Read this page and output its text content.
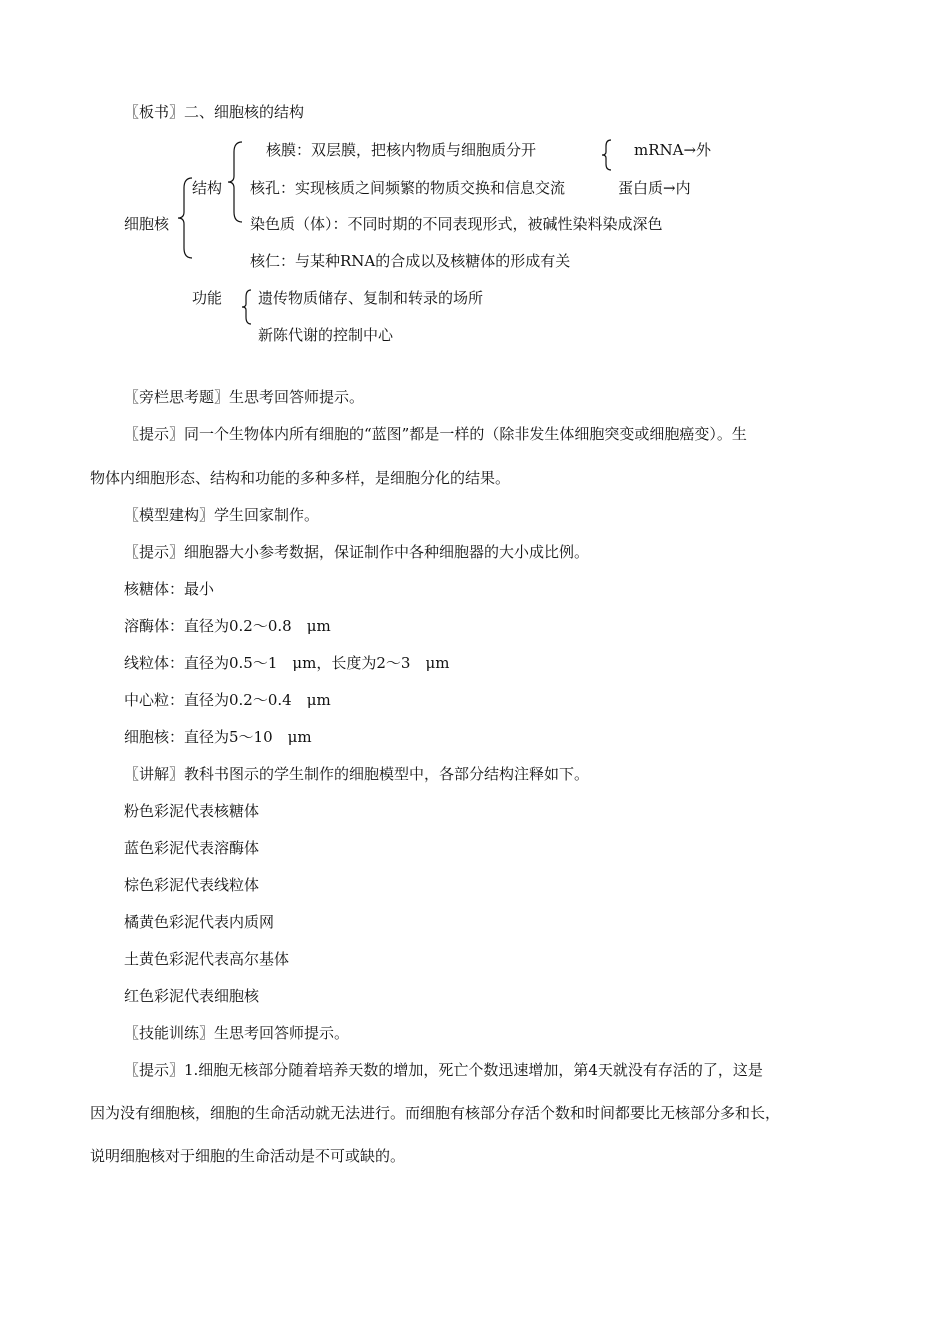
〖板书〗二、细胞核的结构
细胞核
结构
核膜：双层膜，把核内物质与细胞质分开
核孔：实现核质之间频繁的物质交换和信息交流
染色质（体）：不同时期的不同表现形式，被碱性染料染成深色
核仁：与某种RNA的合成以及核糖体的形成有关
mRNA→外
蛋白质→内
功能 遗传物质储存、复制和转录的场所
新陈代谢的控制中心
〖旁栏思考题〗生思考回答师提示。
〖提示〗同一个生物体内所有细胞的“蓝图”都是一样的（除非发生体细胞突变或细胞癌变）。生
物体内细胞形态、结构和功能的多种多样，是细胞分化的结果。
〖模型建构〗学生回家制作。
〖提示〗细胞器大小参考数据，保证制作中各种细胞器的大小成比例。
核糖体：最小
溶酶体：直径为0.2～0.8　μm
线粒体：直径为0.5～1　μm，长度为2～3　μm
中心粒：直径为0.2～0.4　μm
细胞核：直径为5～10　μm
〖讲解〗教科书图示的学生制作的细胞模型中，各部分结构注释如下。
粉色彩泥代表核糖体
蓝色彩泥代表溶酶体
棕色彩泥代表线粒体
橘黄色彩泥代表内质网
土黄色彩泥代表高尔基体
红色彩泥代表细胞核
〖技能训练〗生思考回答师提示。
〖提示〗1.细胞无核部分随着培养天数的增加，死亡个数迅速增加，第4天就没有存活的了，这是
因为没有细胞核，细胞的生命活动就无法进行。而细胞有核部分存活个数和时间都要比无核部分多和长，
说明细胞核对于细胞的生命活动是不可或缺的。
